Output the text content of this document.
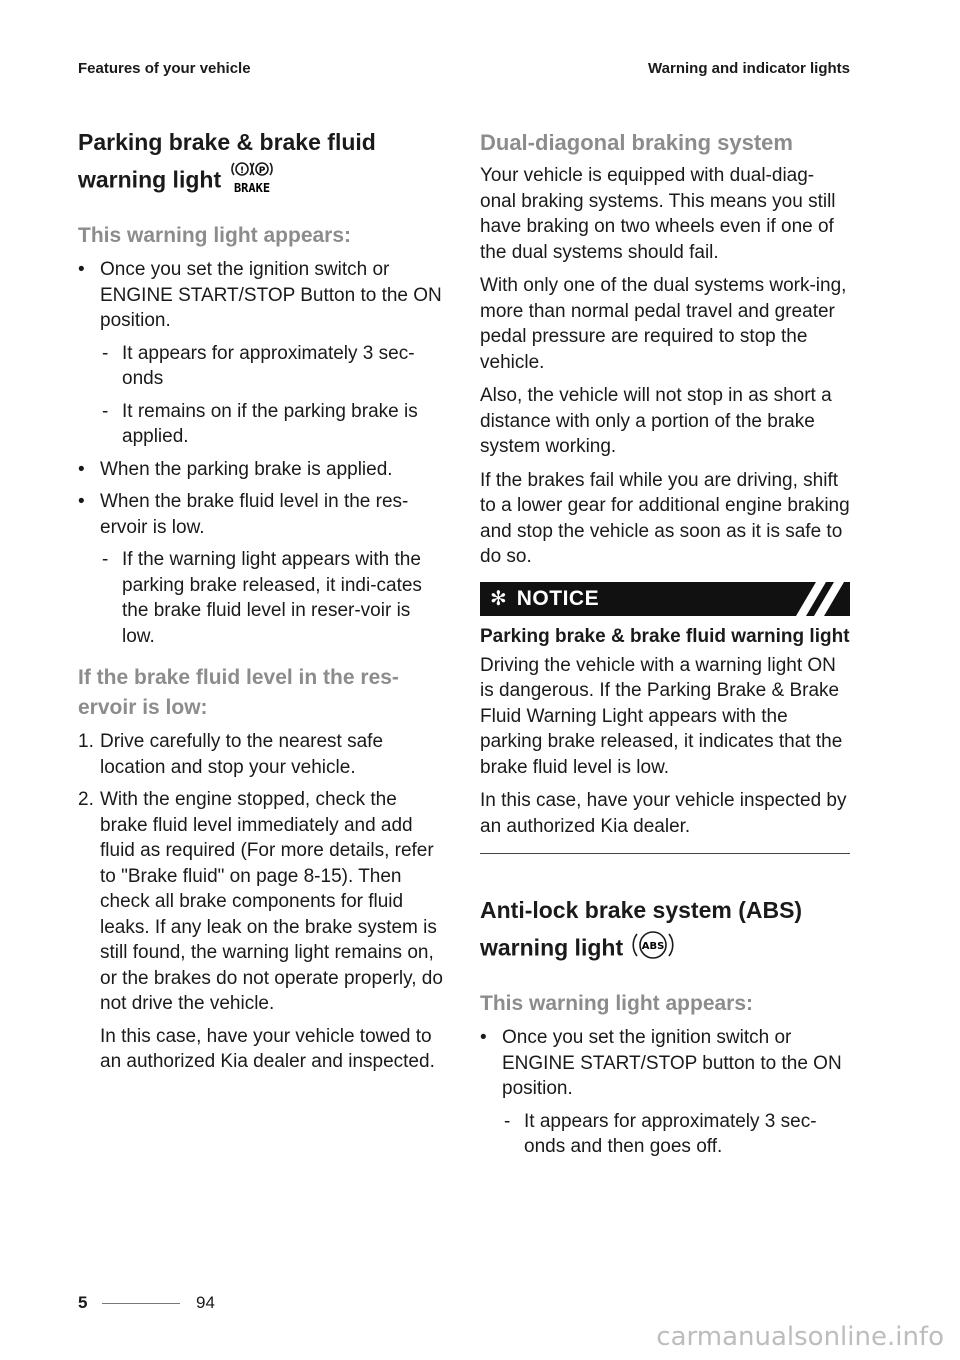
Features of your vehicle	Warning and indicator lights
Parking brake & brake fluid
warning light ! P
BRAKE
This warning light appears:
• Once you set the ignition switch or ENGINE START/STOP Button to the ON position.
- It appears for approximately 3 sec-onds
- It remains on if the parking brake is applied.
• When the parking brake is applied.
• When the brake fluid level in the res-ervoir is low.
- If the warning light appears with the parking brake released, it indi-cates the brake fluid level in reser-voir is low.
If the brake fluid level in the res-ervoir is low:
1. Drive carefully to the nearest safe location and stop your vehicle.
2. With the engine stopped, check the brake fluid level immediately and add fluid as required (For more details, refer to "Brake fluid" on page 8-15). Then check all brake components for fluid leaks. If any leak on the brake system is still found, the warning light remains on, or the brakes do not operate properly, do not drive the vehicle.
In this case, have your vehicle towed to an authorized Kia dealer and inspected.
Dual-diagonal braking system

Your vehicle is equipped with dual-diag-onal braking systems. This means you still have braking on two wheels even if one of the dual systems should fail.

With only one of the dual systems work-ing, more than normal pedal travel and greater pedal pressure are required to stop the vehicle.

Also, the vehicle will not stop in as short a distance with only a portion of the brake system working.

If the brakes fail while you are driving, shift to a lower gear for additional engine braking and stop the vehicle as soon as it is safe to do so.

✻ NOTICE
Parking brake & brake fluid warning light

Driving the vehicle with a warning light ON is dangerous. If the Parking Brake & Brake Fluid Warning Light appears with the parking brake released, it indicates that the brake fluid level is low.

In this case, have your vehicle inspected by an authorized Kia dealer.

Anti-lock brake system (ABS)
warning light ABS
This warning light appears:
• Once you set the ignition switch or ENGINE START/STOP button to the ON position.
- It appears for approximately 3 sec-onds and then goes off.
5	94
carmanualsonline.info
